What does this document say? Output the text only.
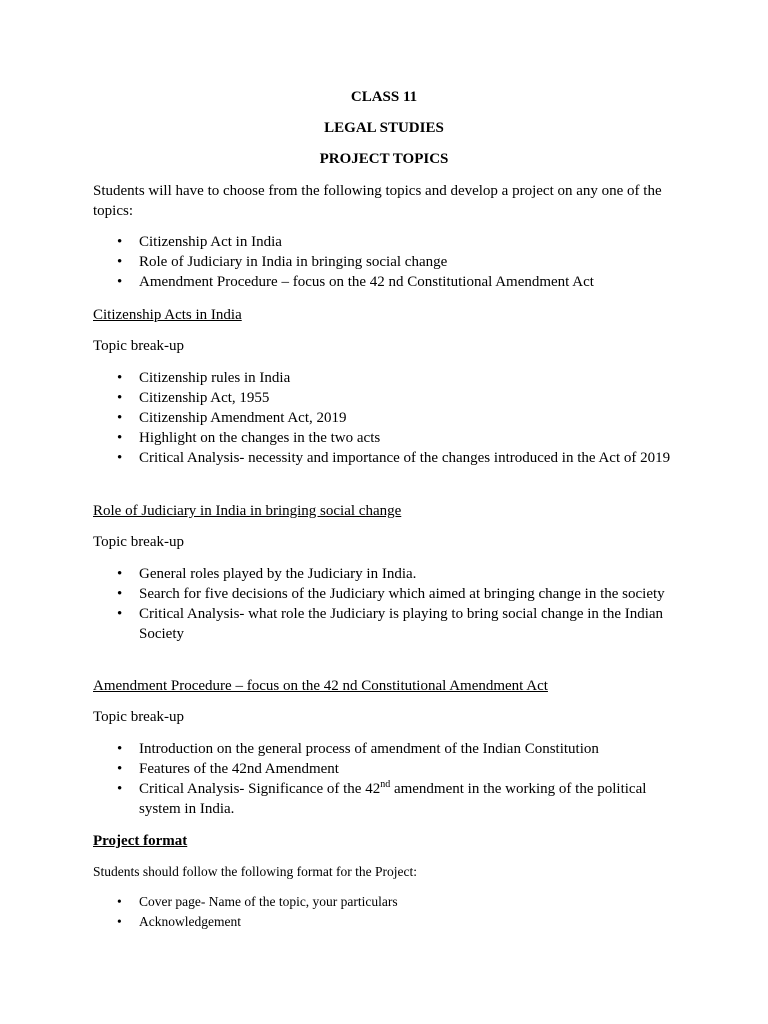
CLASS 11
LEGAL STUDIES
PROJECT TOPICS
Students will have to choose from the following topics and develop a project on any one of the topics:
• Citizenship Act in India
• Role of Judiciary in India in bringing social change
• Amendment Procedure – focus on the 42 nd Constitutional Amendment Act
Citizenship Acts in India
Topic break-up
• Citizenship rules in India
• Citizenship Act, 1955
• Citizenship Amendment Act, 2019
• Highlight on the changes in the two acts
• Critical Analysis- necessity and importance of the changes introduced in the Act of 2019
Role of Judiciary in India in bringing social change
Topic break-up
• General roles played by the Judiciary in India.
• Search for five decisions of the Judiciary which aimed at bringing change in the society
• Critical Analysis- what role the Judiciary is playing to bring social change in the Indian Society
Amendment Procedure – focus on the 42 nd Constitutional Amendment Act
Topic break-up
• Introduction on the general process of amendment of the Indian Constitution
• Features of the 42nd Amendment
• Critical Analysis- Significance of the 42nd amendment in the working of the political system in India.
Project format
Students should follow the following format for the Project:
• Cover page- Name of the topic, your particulars
• Acknowledgement
